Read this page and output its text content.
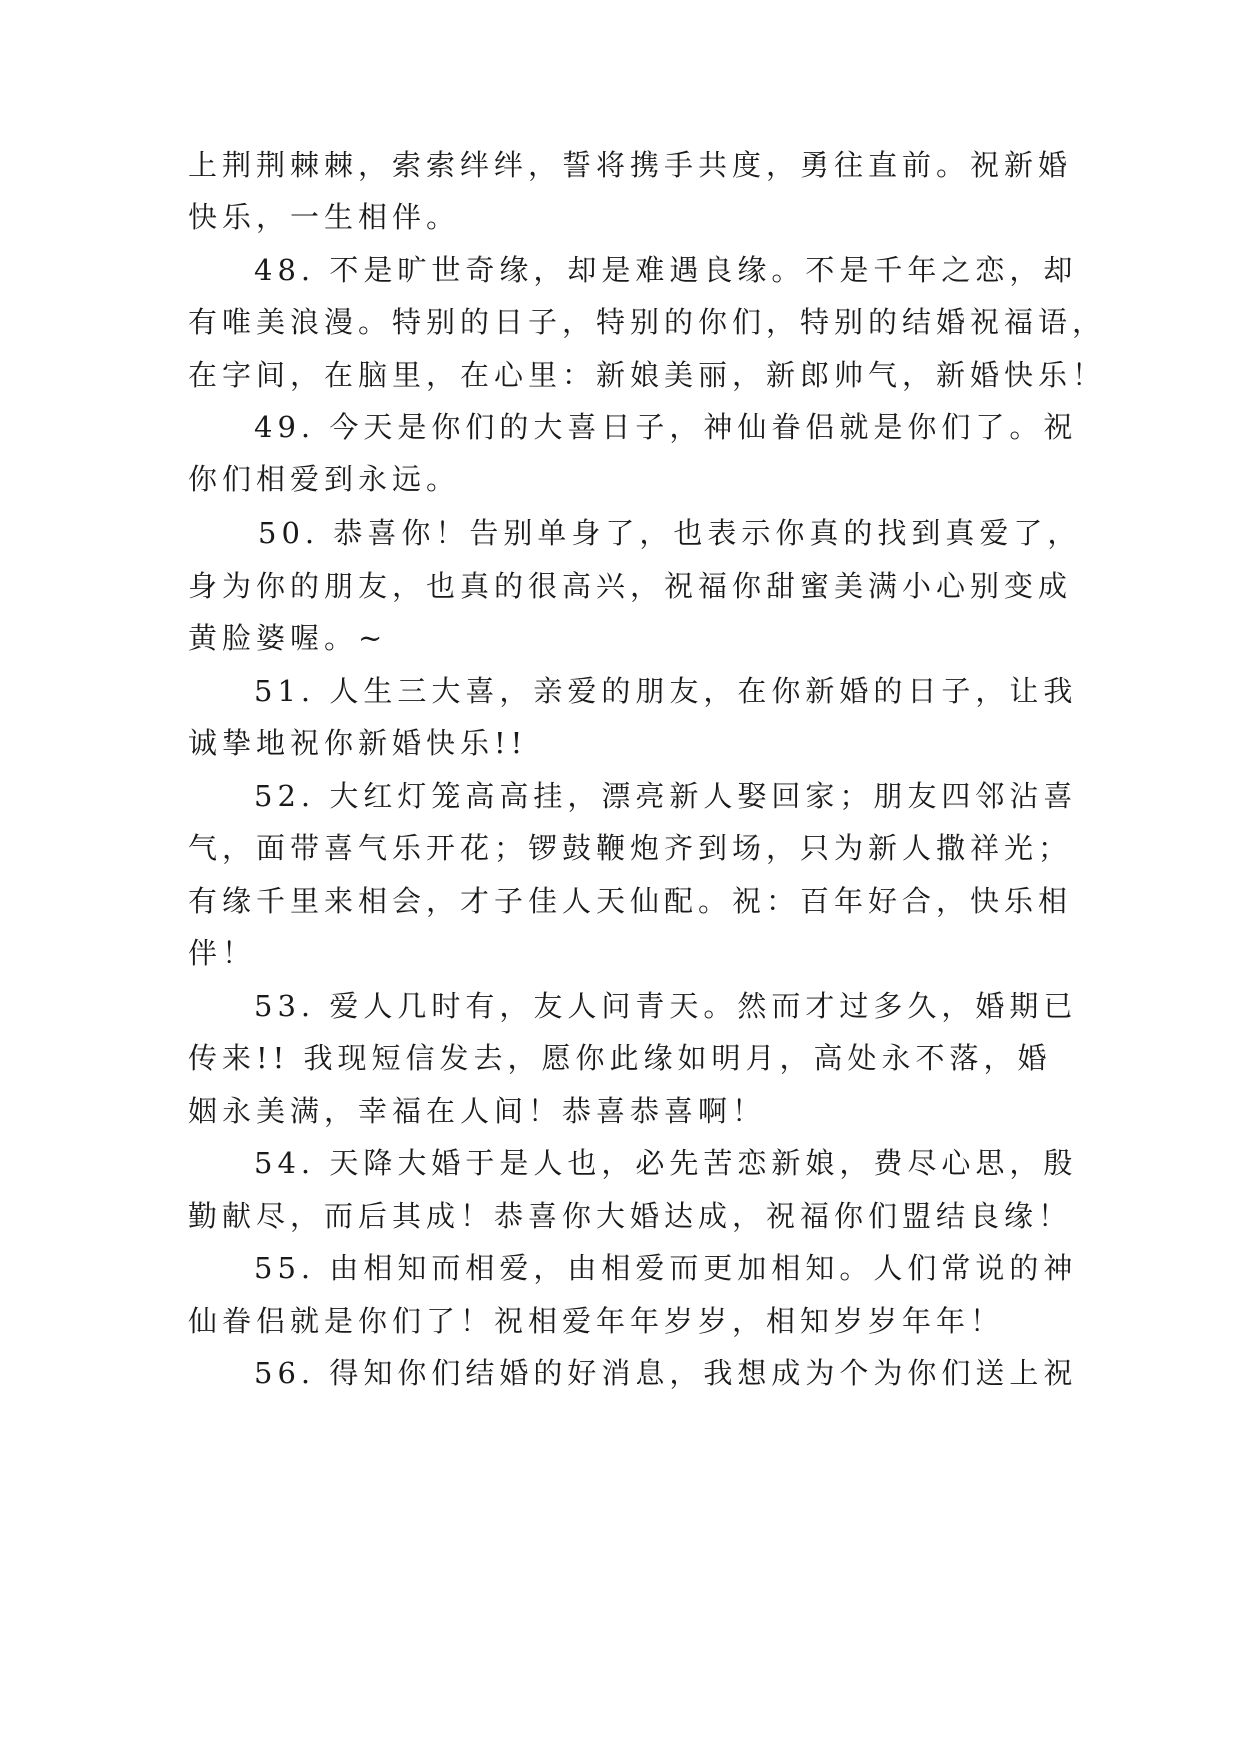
上荆荆棘棘，索索绊绊，誓将携手共度，勇往直前。祝新婚
快乐，一生相伴。
48. 不是旷世奇缘，却是难遇良缘。不是千年之恋，却
有唯美浪漫。特别的日子，特别的你们，特别的结婚祝福语，
在字间，在脑里，在心里：新娘美丽，新郎帅气，新婚快乐！
49. 今天是你们的大喜日子，神仙眷侣就是你们了。祝
你们相爱到永远。
50. 恭喜你！告别单身了，也表示你真的找到真爱了，
身为你的朋友，也真的很高兴，祝福你甜蜜美满小心别变成
黄脸婆喔。~
51. 人生三大喜，亲爱的朋友，在你新婚的日子，让我
诚挚地祝你新婚快乐!!
52. 大红灯笼高高挂，漂亮新人娶回家；朋友四邻沾喜
气，面带喜气乐开花；锣鼓鞭炮齐到场，只为新人撒祥光；
有缘千里来相会，才子佳人天仙配。祝：百年好合，快乐相
伴！
53. 爱人几时有，友人问青天。然而才过多久，婚期已
传来!! 我现短信发去，愿你此缘如明月，高处永不落，婚
姻永美满，幸福在人间！恭喜恭喜啊！
54. 天降大婚于是人也，必先苦恋新娘，费尽心思，殷
勤献尽，而后其成！恭喜你大婚达成，祝福你们盟结良缘！
55. 由相知而相爱，由相爱而更加相知。人们常说的神
仙眷侣就是你们了！祝相爱年年岁岁，相知岁岁年年！
56. 得知你们结婚的好消息，我想成为个为你们送上祝
